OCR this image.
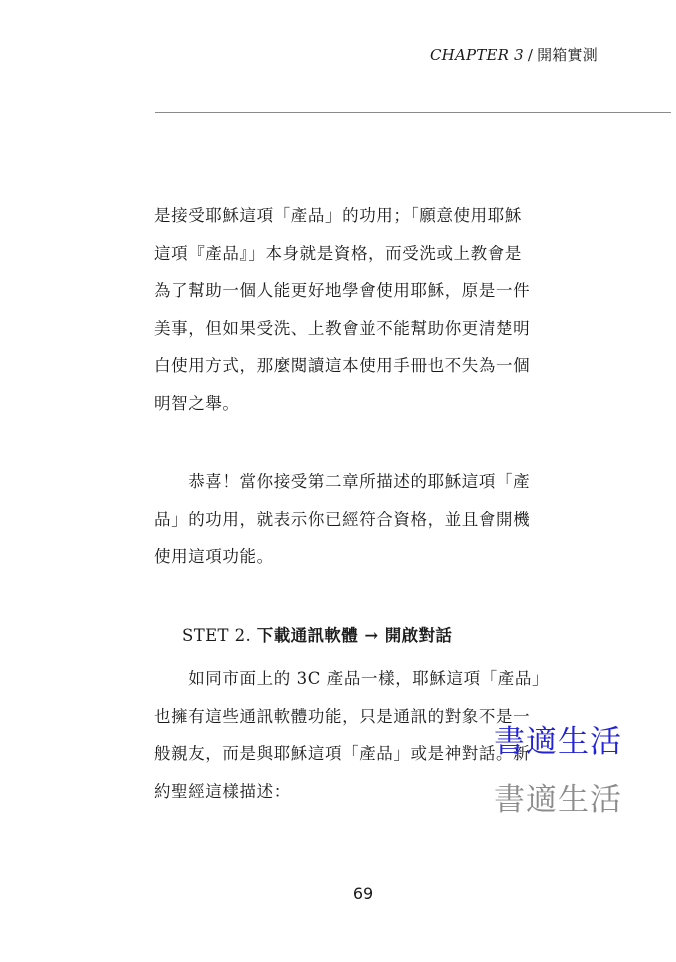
CHAPTER 3 / 開箱實測

是接受耶穌這項「產品」的功用；「願意使用耶穌
這項『產品』」本身就是資格，而受洗或上教會是
為了幫助一個人能更好地學會使用耶穌，原是一件
美事，但如果受洗、上教會並不能幫助你更清楚明
白使用方式，那麼閱讀這本使用手冊也不失為一個
明智之舉。

　　恭喜！當你接受第二章所描述的耶穌這項「產
品」的功用，就表示你已經符合資格，並且會開機
使用這項功能。

STET 2. 下載通訊軟體 → 開啟對話

　　如同市面上的 3C 產品一樣，耶穌這項「產品」
也擁有這些通訊軟體功能，只是通訊的對象不是一
般親友，而是與耶穌這項「產品」或是神對話。新
約聖經這樣描述：

書適生活
書適生活
69
